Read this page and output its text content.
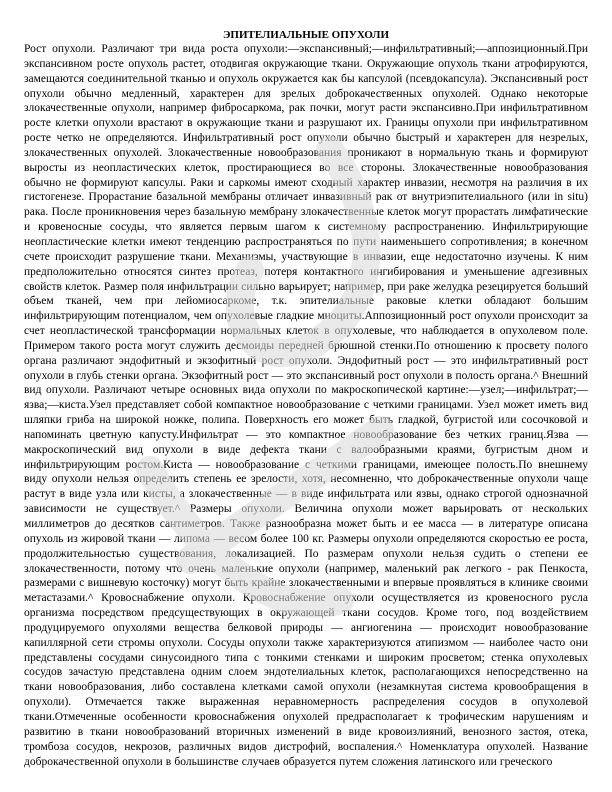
ЭПИТЕЛИАЛЬНЫЕ ОПУХОЛИ

Рост опухоли. Различают три вида роста опухоли:—экспансивный;—инфильтративный;—аппозиционный.При экспансивном росте опухоль растет, отодвигая окружающие ткани. Окружающие опухоль ткани атрофируются, замещаются соединительной тканью и опухоль окружается как бы капсулой (псевдокапсула). Экспансивный рост опухоли обычно медленный, характерен для зрелых доброкачественных опухолей. Однако некоторые злокачественные опухоли, например фибросаркома, рак почки, могут расти экспансивно.При инфильтративном росте клетки опухоли врастают в окружающие ткани и разрушают их. Границы опухоли при инфильтративном росте четко не определяются. Инфильтративный рост опухоли обычно быстрый и характерен для незрелых, злокачественных опухолей. Злокачественные новообразования проникают в нормальную ткань и формируют выросты из неопластических клеток, простирающиеся во все стороны. Злокачественные новообразования обычно не формируют капсулы. Раки и саркомы имеют сходный характер инвазии, несмотря на различия в их гистогенезе. Прорастание базальной мембраны отличает инвазивный рак от внутриэпителиального (или in situ) рака. После проникновения через базальную мембрану злокачественные клеток могут прорастать лимфатические и кровеносные сосуды, что является первым шагом к системному распространению. Инфильтрирующие неопластические клетки имеют тенденцию распространяться по пути наименьшего сопротивления; в конечном счете происходит разрушение ткани. Механизмы, участвующие в инвазии, еще недостаточно изучены. К ним предположительно относятся синтез протеаз, потеря контактного ингибирования и уменьшение адгезивных свойств клеток. Размер поля инфильтрации сильно варьирует; например, при раке желудка резецируется больший объем тканей, чем при лейомиосаркоме, т.к. эпителиальные раковые клетки обладают большим инфильтрирующим потенциалом, чем опухолевые гладкие миоциты.Аппозиционный рост опухоли происходит за счет неопластической трансформации нормальных клеток в опухолевые, что наблюдается в опухолевом поле. Примером такого роста могут служить десмоиды передней брюшной стенки.По отношению к просвету полого органа различают эндофитный и экзофитный рост опухоли. Эндофитный рост — это инфильтративный рост опухоли в глубь стенки органа. Экзофитный рост — это экспансивный рост опухоли в полость органа.^ Внешний вид опухоли. Различают четыре основных вида опухоли по макроскопической картине:—узел;—инфильтрат;—язва;—киста.Узел представляет собой компактное новообразование с четкими границами. Узел может иметь вид шляпки гриба на широкой ножке, полипа. Поверхность его может быть гладкой, бугристой или сосочковой и напоминать цветную капусту.Инфильтрат — это компактное новообразование без четких границ.Язва — макроскопический вид опухоли в виде дефекта ткани с валообразными краями, бугристым дном и инфильтрирующим ростом.Киста — новообразование с четкими границами, имеющее полость.По внешнему виду опухоли нельзя определить степень ее зрелости, хотя, несомненно, что доброкачественные опухоли чаще растут в виде узла или кисты, а злокачественные — в виде инфильтрата или язвы, однако строгой однозначной зависимости не существует.^ Размеры опухоли. Величина опухоли может варьировать от нескольких миллиметров до десятков сантиметров. Также разнообразна может быть и ее масса — в литературе описана опухоль из жировой ткани — липома — весом более 100 кг. Размеры опухоли определяются скоростью ее роста, продолжительностью существования, локализацией. По размерам опухоли нельзя судить о степени ее злокачественности, потому что очень маленькие опухоли (например, маленький рак легкого - рак Пенкоста, размерами с вишневую косточку) могут быть крайне злокачественными и впервые проявляться в клинике своими метастазами.^ Кровоснабжение опухоли. Кровоснабжение опухоли осуществляется из кровеносного русла организма посредством предсуществующих в окружающей ткани сосудов. Кроме того, под воздействием продуцируемого опухолями вещества белковой природы — ангиогенина — происходит новообразование капиллярной сети стромы опухоли. Сосуды опухоли также характеризуются атипизмом — наиболее часто они представлены сосудами синусоидного типа с тонкими стенками и широким просветом; стенка опухолевых сосудов зачастую представлена одним слоем эндотелиальных клеток, располагающихся непосредственно на ткани новообразования, либо составлена клетками самой опухоли (незамкнутая система кровообращения в опухоли). Отмечается также выраженная неравномерность распределения сосудов в опухолевой ткани.Отмеченные особенности кровоснабжения опухолей предрасполагает к трофическим нарушениям и развитию в ткани новообразований вторичных изменений в виде кровоизлияний, венозного застоя, отека, тромбоза сосудов, некрозов, различных видов дистрофий, воспаления.^ Номенклатура опухолей. Название доброкачественной опухоли в большинстве случаев образуется путем сложения латинского или греческого
